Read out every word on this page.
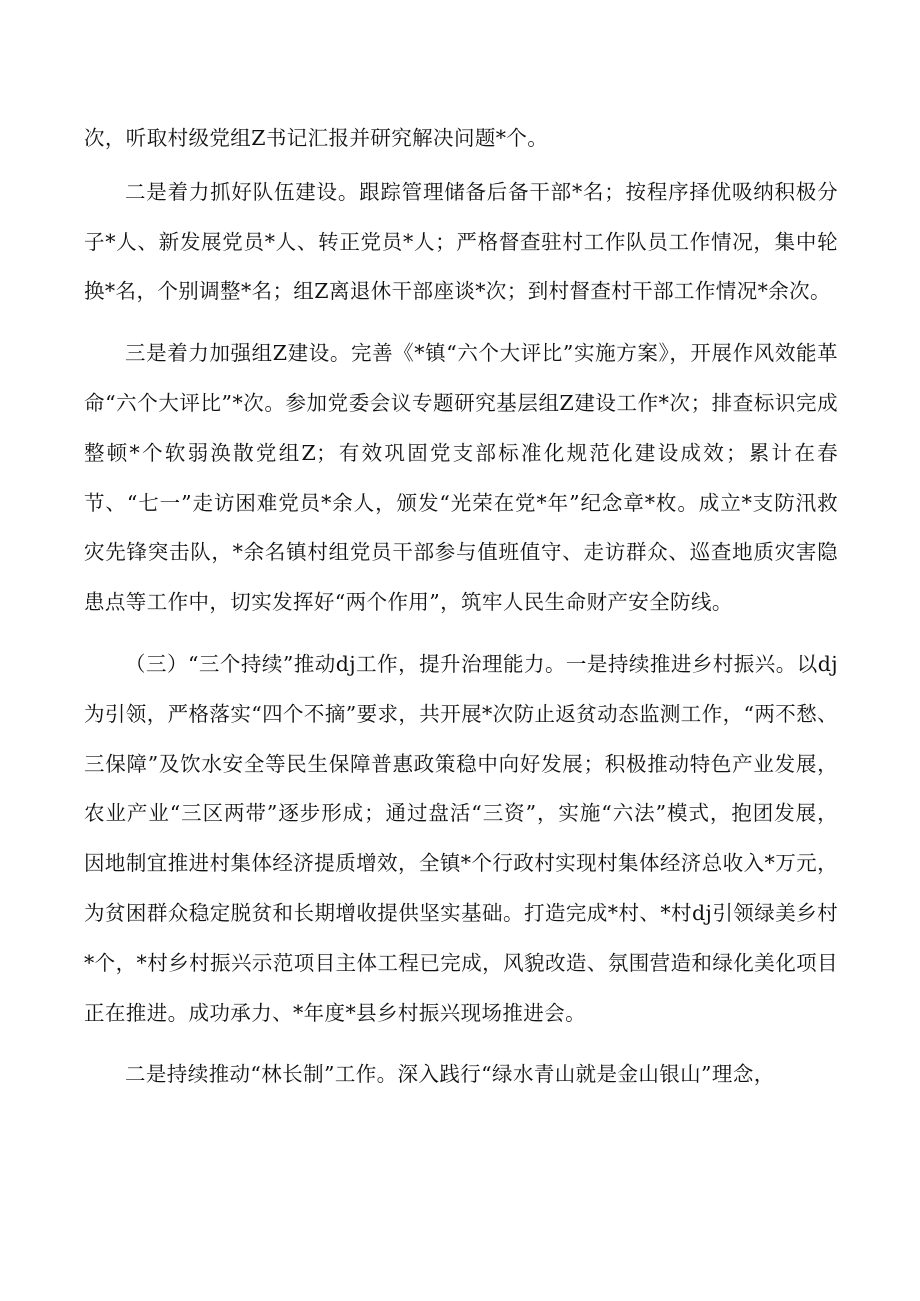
次，听取村级党组Z书记汇报并研究解决问题*个。

二是着力抓好队伍建设。跟踪管理储备后备干部*名；按程序择优吸纳积极分子*人、新发展党员*人、转正党员*人；严格督查驻村工作队员工作情况，集中轮换*名，个别调整*名；组Z离退休干部座谈*次；到村督查村干部工作情况*余次。

三是着力加强组Z建设。完善《*镇“六个大评比”实施方案》，开展作风效能革命“六个大评比”*次。参加党委会议专题研究基层组Z建设工作*次；排查标识完成整顿*个软弱涣散党组Z；有效巩固党支部标准化规范化建设成效；累计在春节、“七一”走访困难党员*余人，颁发“光荣在党*年”纪念章*枚。成立*支防汛救灾先锋突击队，*余名镇村组党员干部参与值班值守、走访群众、巡查地质灾害隐患点等工作中，切实发挥好“两个作用”，筑牢人民生命财产安全防线。

（三）“三个持续”推动dj工作，提升治理能力。一是持续推进乡村振兴。以dj为引领，严格落实“四个不摘”要求，共开展*次防止返贫动态监测工作，“两不愁、三保障”及饮水安全等民生保障普惠政策稳中向好发展；积极推动特色产业发展，农业产业“三区两带”逐步形成；通过盘活“三资”，实施“六法”模式，抱团发展，因地制宜推进村集体经济提质增效，全镇*个行政村实现村集体经济总收入*万元，为贫困群众稳定脱贫和长期增收提供坚实基础。打造完成*村、*村dj引领绿美乡村*个，*村乡村振兴示范项目主体工程已完成，风貌改造、氛围营造和绿化美化项目正在推进。成功承力、*年度*县乡村振兴现场推进会。

二是持续推动“林长制”工作。深入践行“绿水青山就是金山银山”理念，
